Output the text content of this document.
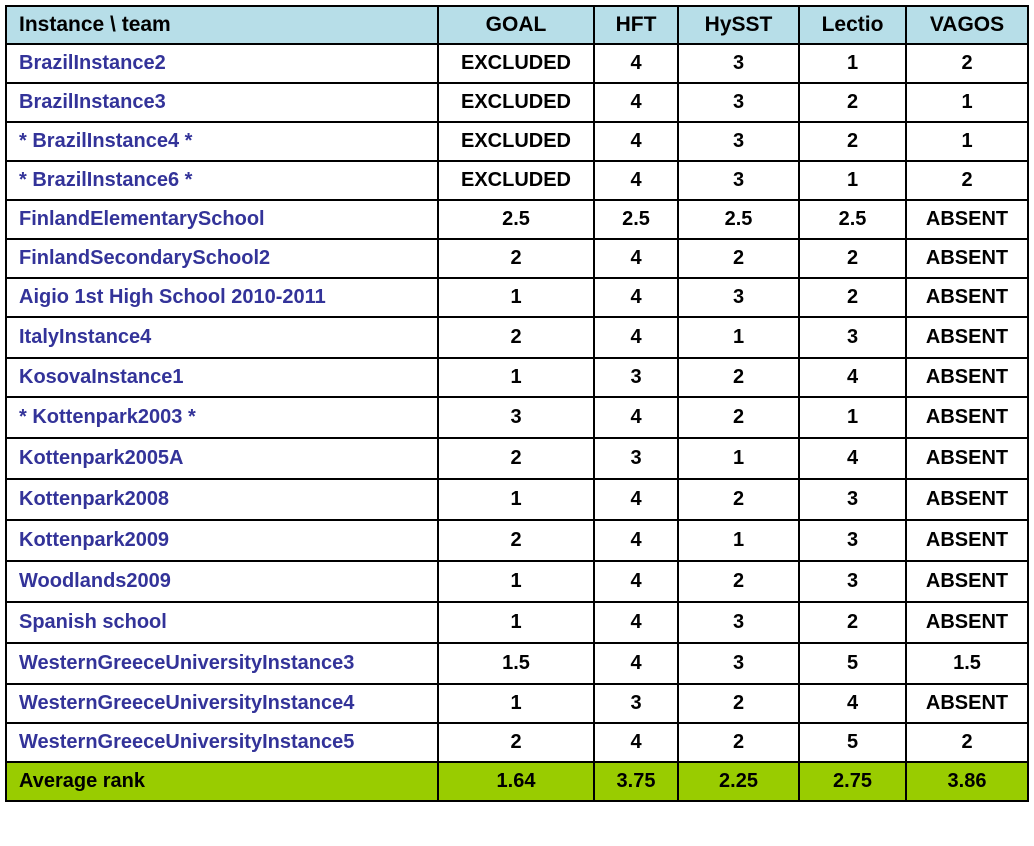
Instance \ team	GOAL	HFT	HySST	Lectio	VAGOS
BrazilInstance2	EXCLUDED	4	3	1	2
BrazilInstance3	EXCLUDED	4	3	2	1
* BrazilInstance4 *	EXCLUDED	4	3	2	1
* BrazilInstance6 *	EXCLUDED	4	3	1	2
FinlandElementarySchool	2.5	2.5	2.5	2.5	ABSENT
FinlandSecondarySchool2	2	4	2	2	ABSENT
Aigio 1st High School 2010-2011	1	4	3	2	ABSENT
ItalyInstance4	2	4	1	3	ABSENT
KosovaInstance1	1	3	2	4	ABSENT
* Kottenpark2003 *	3	4	2	1	ABSENT
Kottenpark2005A	2	3	1	4	ABSENT
Kottenpark2008	1	4	2	3	ABSENT
Kottenpark2009	2	4	1	3	ABSENT
Woodlands2009	1	4	2	3	ABSENT
Spanish school	1	4	3	2	ABSENT
WesternGreeceUniversityInstance3	1.5	4	3	5	1.5
WesternGreeceUniversityInstance4	1	3	2	4	ABSENT
WesternGreeceUniversityInstance5	2	4	2	5	2
Average rank	1.64	3.75	2.25	2.75	3.86
